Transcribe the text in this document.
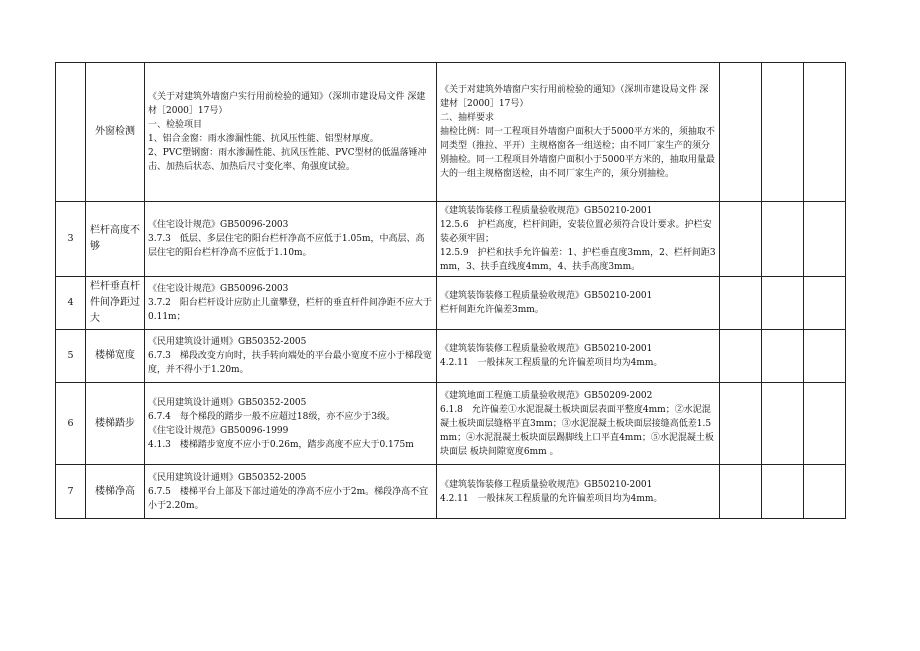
	外窗检测	《关于对建筑外墙窗户实行用前检验的通知》（深圳市建设局文件 深建材［2000］17号）
一、检验项目
1、铝合金窗：雨水渗漏性能、抗风压性能、铝型材厚度。
2、PVC塑钢窗：雨水渗漏性能、抗风压性能、PVC型材的低温落锤冲击、加热后状态、加热后尺寸变化率、角强度试验。	《关于对建筑外墙窗户实行用前检验的通知》（深圳市建设局文件 深建材［2000］17号）
二、抽样要求
抽检比例：同一工程项目外墙窗户面积大于5000平方米的，须抽取不同类型（推拉、平开）主规格窗各一组送检；由不同厂家生产的须分别抽检。同一工程项目外墙窗户面积小于5000平方米的，抽取用量最大的一组主规格窗送检，由不同厂家生产的，须分别抽检。			

3	栏杆高度不够	《住宅设计规范》GB50096-2003
3.7.3　低层、多层住宅的阳台栏杆净高不应低于1.05m，中高层、高层住宅的阳台栏杆净高不应低于1.10m。	《建筑装饰装修工程质量验收规范》GB50210-2001
12.5.6　护栏高度，栏杆间距，安装位置必须符合设计要求。护栏安装必须牢固；
12.5.9　护栏和扶手允许偏差：1、护栏垂直度3mm，2、栏杆间距3mm，3、扶手直线度4mm，4、扶手高度3mm。			

4	栏杆垂直杆件间净距过大	《住宅设计规范》GB50096-2003
3.7.2　阳台栏杆设计应防止儿童攀登，栏杆的垂直杆件间净距不应大于0.11m；	《建筑装饰装修工程质量验收规范》GB50210-2001
栏杆间距允许偏差3mm。			

5	楼梯宽度	《民用建筑设计通则》GB50352-2005
6.7.3　梯段改变方向时，扶手转向端处的平台最小宽度不应小于梯段宽度，并不得小于1.20m。	《建筑装饰装修工程质量验收规范》GB50210-2001
4.2.11　一般抹灰工程质量的允许偏差项目均为4mm。			

6	楼梯踏步	《民用建筑设计通则》GB50352-2005
6.7.4　每个梯段的踏步一般不应超过18级，亦不应少于3级。
《住宅设计规范》GB50096-1999
4.1.3　楼梯踏步宽度不应小于0.26m，踏步高度不应大于0.175m	《建筑地面工程施工质量验收规范》GB50209-2002
6.1.8　允许偏差①水泥混凝土板块面层表面平整度4mm；②水泥混凝土板块面层缝格平直3mm；③水泥混凝土板块面层接缝高低差1.5mm；④水泥混凝土板块面层踢脚线上口平直4mm；⑤水泥混凝土板块面层 板块间隙宽度6mm 。			

7	楼梯净高	《民用建筑设计通则》GB50352-2005
6.7.5　楼梯平台上部及下部过道处的净高不应小于2m。梯段净高不宜小于2.20m。	《建筑装饰装修工程质量验收规范》GB50210-2001
4.2.11　一般抹灰工程质量的允许偏差项目均为4mm。			
